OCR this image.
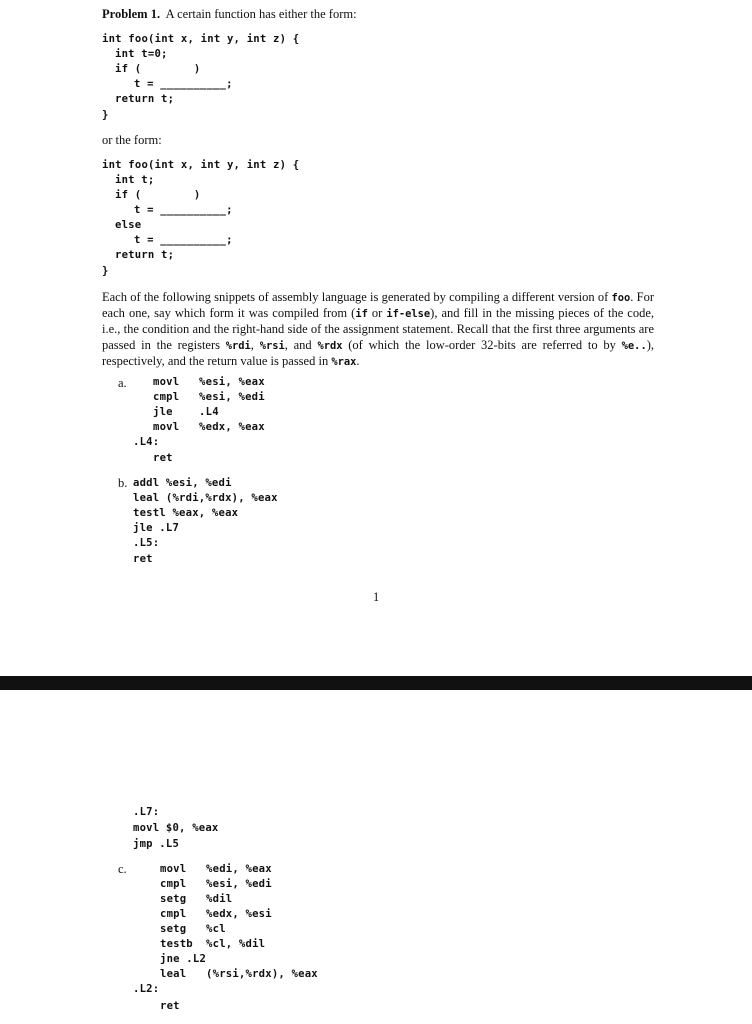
Problem 1. A certain function has either the form:
int foo(int x, int y, int z) {
int t=0;
if (        )
t = __________;
return t;
}
or the form:
int foo(int x, int y, int z) {
int t;
if (        )
t = __________;
else
t = __________;
return t;
}
Each of the following snippets of assembly language is generated by compiling a different version of foo. For each one, say which form it was compiled from (if or if-else), and fill in the missing pieces of the code, i.e., the condition and the right-hand side of the assignment statement. Recall that the first three arguments are passed in the registers %rdi, %rsi, and %rdx (of which the low-order 32-bits are referred to by %e..), respectively, and the return value is passed in %rax.
a. movl   %esi, %eax
cmpl   %esi, %edi
jle    .L4
movl   %edx, %eax
.L4:
ret
b. addl %esi, %edi
leal (%rdi,%rdx), %eax
testl %eax, %eax
jle .L7
.L5:
ret
1
.L7:
movl $0, %eax
jmp .L5
c.	movl   %edi, %eax
cmpl   %esi, %edi
setg   %dil
cmpl   %edx, %esi
setg   %cl
testb  %cl, %dil
jne .L2
leal   (%rsi,%rdx), %eax
.L2:
ret
